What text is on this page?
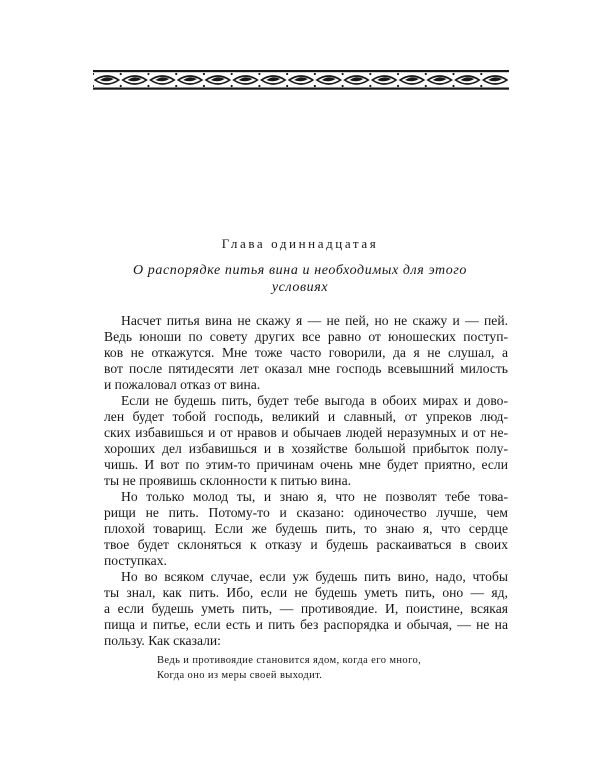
Глава одиннадцатая
О распорядке питья вина и необходимых для этого условиях
Насчет питья вина не скажу я — не пей, но не скажу и — пей.
Ведь юноши по совету других все равно от юношеских поступ-
ков не откажутся. Мне тоже часто говорили, да я не слушал, а
вот после пятидесяти лет оказал мне господь всевышний милость
и пожаловал отказ от вина.
Если не будешь пить, будет тебе выгода в обоих мирах и дово-
лен будет тобой господь, великий и славный, от упреков люд-
ских избавишься и от нравов и обычаев людей неразумных и от не-
хороших дел избавишься и в хозяйстве большой прибыток полу-
чишь. И вот по этим-то причинам очень мне будет приятно, если
ты не проявишь склонности к питью вина.
Но только молод ты, и знаю я, что не позволят тебе това-
рищи не пить. Потому-то и сказано: одиночество лучше, чем
плохой товарищ. Если же будешь пить, то знаю я, что сердце
твое будет склоняться к отказу и будешь раскаиваться в своих
поступках.
Но во всяком случае, если уж будешь пить вино, надо, чтобы
ты знал, как пить. Ибо, если не будешь уметь пить, оно — яд,
а если будешь уметь пить, — противоядие. И, поистине, всякая
пища и питье, если есть и пить без распорядка и обычая, — не на
пользу. Как сказали:
Ведь и противоядие становится ядом, когда его много,
Когда оно из меры своей выходит.
